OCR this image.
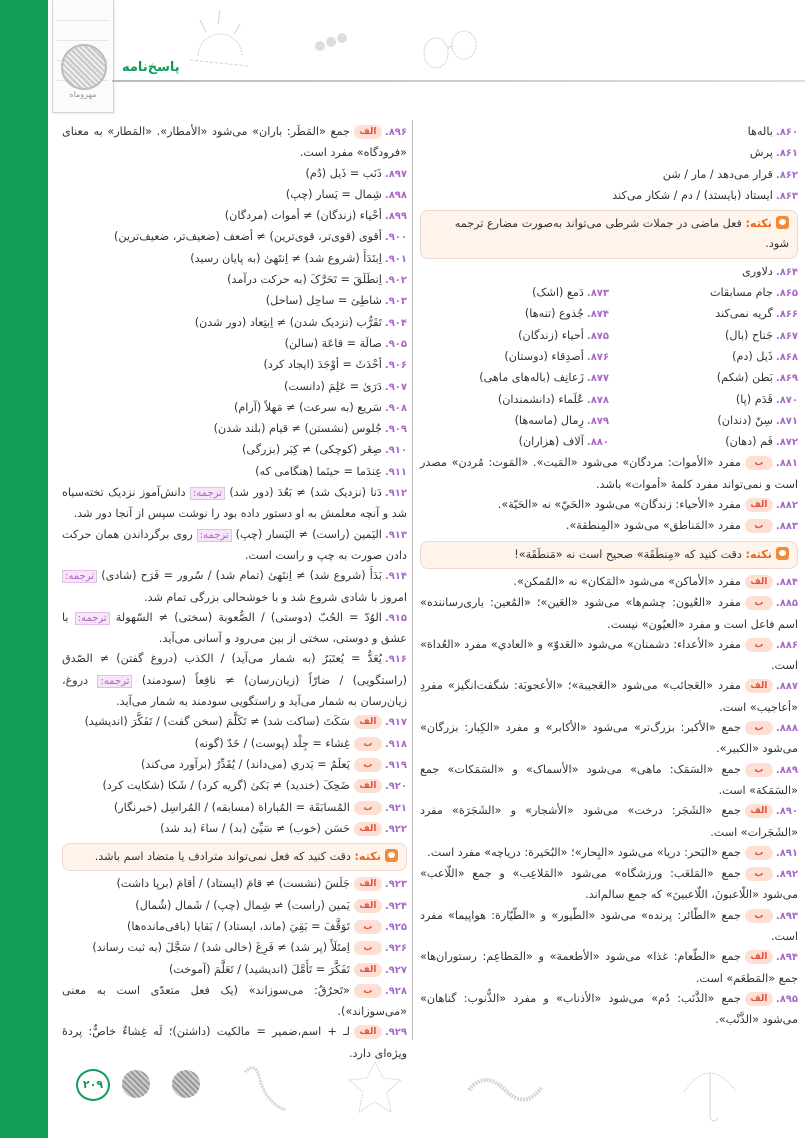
مهروماه
پاسخ‌نامه
۸۶۰.باله‌ها
۸۶۱.پرش
۸۶۲.قرار می‌دهد / مار / شن
۸۶۳.ایستاد (بایستد) / دم / شکار می‌کند
نکته: فعل ماضی در جملات شرطی می‌تواند به‌صورت مضارع ترجمه شود.
۸۶۴.دلاوری
۸۶۵.جام مسابقات
۸۷۳.دَمع (اشک)
۸۶۶.گریه نمی‌کند
۸۷۴.جُذوع (تنه‌ها)
۸۶۷.جَناح (بال)
۸۷۵.أحیاء (زندگان)
۸۶۸.ذَیل (دم)
۸۷۶.أصدِقاء (دوستان)
۸۶۹.بَطن (شکم)
۸۷۷.زَعانِف (باله‌های ماهی)
۸۷۰.قَدَم (پا)
۸۷۸.عُلَماء (دانشمندان)
۸۷۱.سِنّ (دندان)
۸۷۹.رِمال (ماسه‌ها)
۸۷۲.فَم (دهان)
۸۸۰.آلاف (هزاران)
۸۸۱.بمفرد «الأموات: مردگان» می‌شود «المَیت». «المَوت: مُردن» مصدر است و نمی‌تواند مفرد کلمهٔ «أموات» باشد.
۸۸۲.الفمفرد «الأحیاء: زندگان» می‌شود «الحَيّ» نه «الحَیّة».
۸۸۳.بمفرد «المَناطق» می‌شود «المِنطقة».
نکته: دقت کنید که «مِنطَقَة» صحیح است نه «مَنطَقَة»!
۸۸۴.الفمفرد «الأماکن» می‌شود «المَکان» نه «المُمکن».
۸۸۵.بمفرد «العُیون: چشم‌ها» می‌شود «العَین»؛ «المُعین: یاری‌رساننده» اسم فاعل است و مفرد «العیُون» نیست.
۸۸۶.بمفرد «الأعداء: دشمنان» می‌شود «العَدوّ» و «العادي» مفرد «العُداة» است.
۸۸۷.الفمفرد «العَجائب» می‌شود «العَجیبة»؛ «الأعجوبَة: شگفت‌انگیز» مفردِ «أعاجیب» است.
۸۸۸.بجمع «الأکبر: بزرگ‌تر» می‌شود «الأکابر» و مفرد «الکِبار: بزرگان» می‌شود «الکبیر».
۸۸۹.بجمع «السَمَک: ماهی» می‌شود «الأسماک» و «السَمَکات» جمع «السَمَکة» است.
۸۹۰.الفجمع «الشَجَر: درخت» می‌شود «الأشجار» و «الشَجَرَة» مفرد «الشَجَرات» است.
۸۹۱.بجمع «البَحر: دریا» می‌شود «البِحار»؛ «البُحَیرة: دریاچه» مفرد است.
۸۹۲.بجمع «المَلعَب: ورزشگاه» می‌شود «المَلاعِب» و جمع «اللّاعب» می‌شود «اللّاعبونَ، اللّاعبینَ» که جمع سالم‌اند.
۸۹۳.بجمع «الطّائر: پرنده» می‌شود «الطّیور» و «الطّیّارة: هواپیما» مفرد است.
۸۹۴.الفجمع «الطّعام: غذا» می‌شود «الأطعمة» و «المَطاعِم: رستوران‌ها» جمع «المَطعَم» است.
۸۹۵.الفجمع «الذَّنَب: دُم» می‌شود «الأذناب» و مفرد «الذُّنوب: گناهان» می‌شود «الذَّنْب».
۸۹۶.الفجمع «المَطَر: باران» می‌شود «الأمطار». «المَطار» به معنای «فرودگاه» مفرد است.
۸۹۷.ذَنَب = ذَیل (دُم)
۸۹۸.شِمال = یَسار (چپ)
۸۹۹.أحْیاء (زندگان) ≠ أموات (مردگان)
۹۰۰.أقوی (قوی‌تر، قوی‌ترین) ≠ أضعف (ضعیف‌تر، ضعیف‌ترین)
۹۰۱.اِبتَدَأَ (شروع شد) ≠ اِنتَهیٰ (به پایان رسید)
۹۰۲.اِنطَلَقَ = تَحَرَّکَ (به حرکت درآمد)
۹۰۳.شاطِئ = ساحِل (ساحل)
۹۰۴.تَقَرُّب (نزدیک شدن) ≠ اِبتِعاد (دور شدن)
۹۰۵.صالَة = قاعَة (سالن)
۹۰۶.أحْدَثَ = أوْجَدَ (ایجاد کرد)
۹۰۷.دَرَیٰ = عَلِمَ (دانست)
۹۰۸.سَریع (به سرعت) ≠ مَهلاً (آرام)
۹۰۹.جُلوس (نشستن) ≠ قیام (بلند شدن)
۹۱۰.صِغَر (کوچکی) ≠ کِبَر (بزرگی)
۹۱۱.عِندَما = حینَما (هنگامی که)
۹۱۲.دَنا (نزدیک شد) ≠ بَعُدَ (دور شد) ترجمه: دانش‌آموز نزدیک تخته‌سیاه شد و آنچه معلمش به او دستور داده بود را نوشت سپس از آنجا دور شد.
۹۱۳.الیَمین (راست) ≠ الیَسار (چپ) ترجمه: روی برگرداندن همان حرکت دادن صورت به چپ و راست است.
۹۱۴.بَدَأَ (شروع شد) ≠ اِنتَهیٰ (تمام شد) / سُرور = فَرَح (شادی) ترجمه: امروز با شادی شروع شد و با خوشحالی بزرگی تمام شد.
۹۱۵.الوُدّ = الحُبّ (دوستی) / الصُّعوبة (سختی) ≠ السّهولة ترجمه: با عشق و دوستی، سختی از بین می‌رود و آسانی می‌آید.
۹۱۶.یُعَدُّ = یُعتَبَرُ (به شمار می‌آید) / الکذب (دروغ گفتن) ≠ الصّدق (راستگویی) / ضارّاً (زیان‌رسان) ≠ نافِعاً (سودمند) ترجمه: دروغ، زیان‌رسان به شمار می‌آید و راستگویی سودمند به شمار می‌آید.
۹۱۷.الفسَکَتَ (ساکت شد) ≠ تَکَلَّمَ (سخن گفت) / تَفَکَّرَ (اندیشید)
۹۱۸.بغِشاء = جِلْد (پوست) / خَدّ (گونه)
۹۱۹.بیَعلَمُ = یَدري (می‌داند) / یُقَدِّرُ (برآورد می‌کند)
۹۲۰.الفضَحِکَ (خندید) ≠ بَکیٰ (گریه کرد) / شَکا (شکایت کرد)
۹۲۱.بالمُسابَقَة = المُباراة (مسابقه) / المُراسِل (خبرنگار)
۹۲۲.الفحَسَن (خوب) ≠ سَيِّئ (بد) / ساءَ (بد شد)
نکته: دقت کنید که فعل نمی‌تواند مترادف یا متضاد اسم باشد.
۹۲۳.الفجَلَسَ (نشست) ≠ قامَ (ایستاد) / أقامَ (برپا داشت)
۹۲۴.الفیَمین (راست) ≠ شِمال (چپ) / شَمال (شُمال)
۹۲۵.بتَوَقَّفَ = بَقِيَ (ماند، ایستاد) / بَقایا (باقی‌مانده‌ها)
۹۲۶.باِمتَلَأَ (پر شد) ≠ فَرِغَ (خالی شد) / سَجَّلَ (به ثبت رساند)
۹۲۷.الفتَفَکَّرَ = تَأَمَّلَ (اندیشید) / تَعَلَّمَ (آموخت)
۹۲۸.ب«تَحرُقُ: می‌سوزاند» (یک فعل متعدّی است به معنی «می‌سوزاند»).
۹۲۹.الفلـ + اسم،ضمیر = مالکیت (داشتن)؛ لَه غِشاءٌ خاصٌّ: پردهٔ ویژه‌ای دارد.
۲۰۹
